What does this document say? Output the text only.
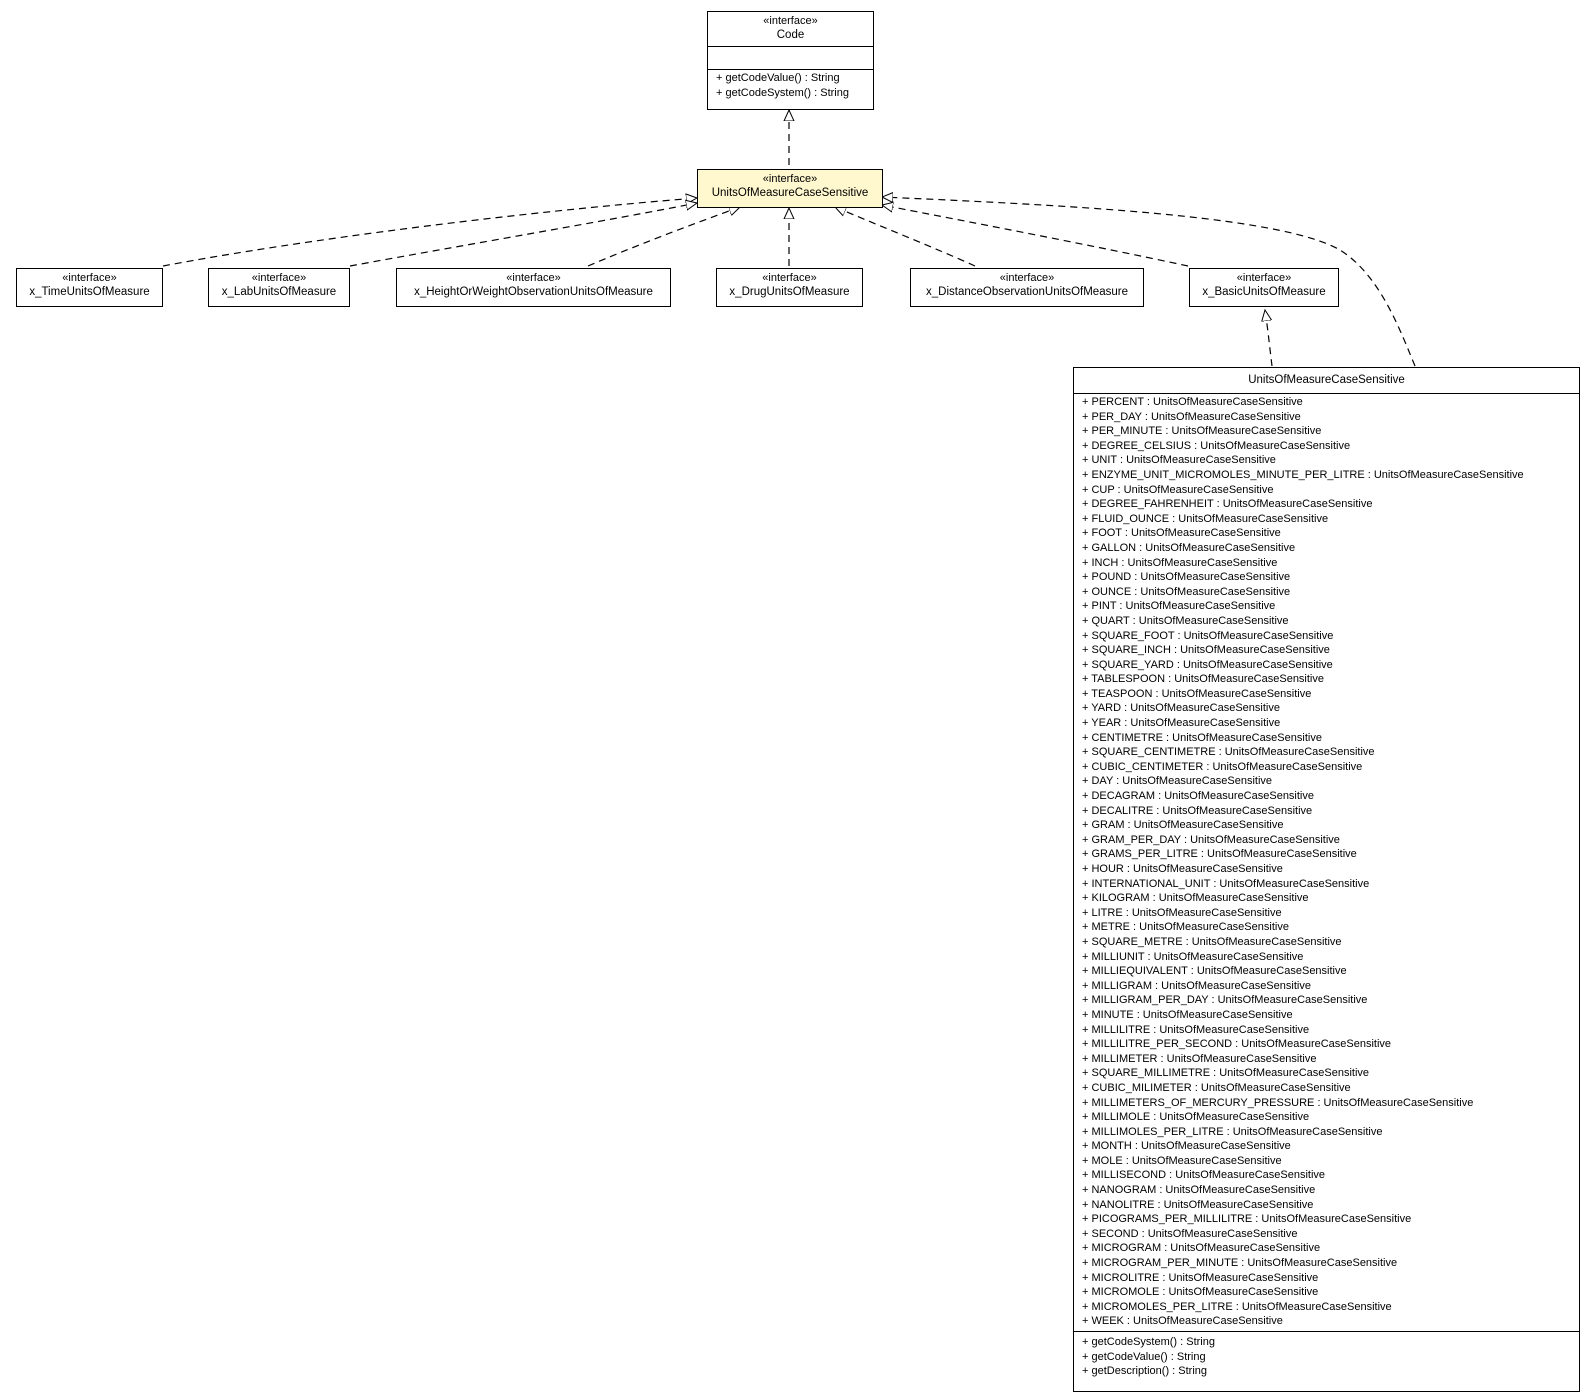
«interface»
Code
+ getCodeValue() : String
+ getCodeSystem() : String
«interface»
UnitsOfMeasureCaseSensitive
«interface»
x_TimeUnitsOfMeasure
«interface»
x_LabUnitsOfMeasure
«interface»
x_HeightOrWeightObservationUnitsOfMeasure
«interface»
x_DrugUnitsOfMeasure
«interface»
x_DistanceObservationUnitsOfMeasure
«interface»
x_BasicUnitsOfMeasure
UnitsOfMeasureCaseSensitive
+ PERCENT : UnitsOfMeasureCaseSensitive
+ PER_DAY : UnitsOfMeasureCaseSensitive
+ PER_MINUTE : UnitsOfMeasureCaseSensitive
+ DEGREE_CELSIUS : UnitsOfMeasureCaseSensitive
+ UNIT : UnitsOfMeasureCaseSensitive
+ ENZYME_UNIT_MICROMOLES_MINUTE_PER_LITRE : UnitsOfMeasureCaseSensitive
+ CUP : UnitsOfMeasureCaseSensitive
+ DEGREE_FAHRENHEIT : UnitsOfMeasureCaseSensitive
+ FLUID_OUNCE : UnitsOfMeasureCaseSensitive
+ FOOT : UnitsOfMeasureCaseSensitive
+ GALLON : UnitsOfMeasureCaseSensitive
+ INCH : UnitsOfMeasureCaseSensitive
+ POUND : UnitsOfMeasureCaseSensitive
+ OUNCE : UnitsOfMeasureCaseSensitive
+ PINT : UnitsOfMeasureCaseSensitive
+ QUART : UnitsOfMeasureCaseSensitive
+ SQUARE_FOOT : UnitsOfMeasureCaseSensitive
+ SQUARE_INCH : UnitsOfMeasureCaseSensitive
+ SQUARE_YARD : UnitsOfMeasureCaseSensitive
+ TABLESPOON : UnitsOfMeasureCaseSensitive
+ TEASPOON : UnitsOfMeasureCaseSensitive
+ YARD : UnitsOfMeasureCaseSensitive
+ YEAR : UnitsOfMeasureCaseSensitive
+ CENTIMETRE : UnitsOfMeasureCaseSensitive
+ SQUARE_CENTIMETRE : UnitsOfMeasureCaseSensitive
+ CUBIC_CENTIMETER : UnitsOfMeasureCaseSensitive
+ DAY : UnitsOfMeasureCaseSensitive
+ DECAGRAM : UnitsOfMeasureCaseSensitive
+ DECALITRE : UnitsOfMeasureCaseSensitive
+ GRAM : UnitsOfMeasureCaseSensitive
+ GRAM_PER_DAY : UnitsOfMeasureCaseSensitive
+ GRAMS_PER_LITRE : UnitsOfMeasureCaseSensitive
+ HOUR : UnitsOfMeasureCaseSensitive
+ INTERNATIONAL_UNIT : UnitsOfMeasureCaseSensitive
+ KILOGRAM : UnitsOfMeasureCaseSensitive
+ LITRE : UnitsOfMeasureCaseSensitive
+ METRE : UnitsOfMeasureCaseSensitive
+ SQUARE_METRE : UnitsOfMeasureCaseSensitive
+ MILLIUNIT : UnitsOfMeasureCaseSensitive
+ MILLIEQUIVALENT : UnitsOfMeasureCaseSensitive
+ MILLIGRAM : UnitsOfMeasureCaseSensitive
+ MILLIGRAM_PER_DAY : UnitsOfMeasureCaseSensitive
+ MINUTE : UnitsOfMeasureCaseSensitive
+ MILLILITRE : UnitsOfMeasureCaseSensitive
+ MILLILITRE_PER_SECOND : UnitsOfMeasureCaseSensitive
+ MILLIMETER : UnitsOfMeasureCaseSensitive
+ SQUARE_MILLIMETRE : UnitsOfMeasureCaseSensitive
+ CUBIC_MILIMETER : UnitsOfMeasureCaseSensitive
+ MILLIMETERS_OF_MERCURY_PRESSURE : UnitsOfMeasureCaseSensitive
+ MILLIMOLE : UnitsOfMeasureCaseSensitive
+ MILLIMOLES_PER_LITRE : UnitsOfMeasureCaseSensitive
+ MONTH : UnitsOfMeasureCaseSensitive
+ MOLE : UnitsOfMeasureCaseSensitive
+ MILLISECOND : UnitsOfMeasureCaseSensitive
+ NANOGRAM : UnitsOfMeasureCaseSensitive
+ NANOLITRE : UnitsOfMeasureCaseSensitive
+ PICOGRAMS_PER_MILLILITRE : UnitsOfMeasureCaseSensitive
+ SECOND : UnitsOfMeasureCaseSensitive
+ MICROGRAM : UnitsOfMeasureCaseSensitive
+ MICROGRAM_PER_MINUTE : UnitsOfMeasureCaseSensitive
+ MICROLITRE : UnitsOfMeasureCaseSensitive
+ MICROMOLE : UnitsOfMeasureCaseSensitive
+ MICROMOLES_PER_LITRE : UnitsOfMeasureCaseSensitive
+ WEEK : UnitsOfMeasureCaseSensitive
+ getCodeSystem() : String
+ getCodeValue() : String
+ getDescription() : String
